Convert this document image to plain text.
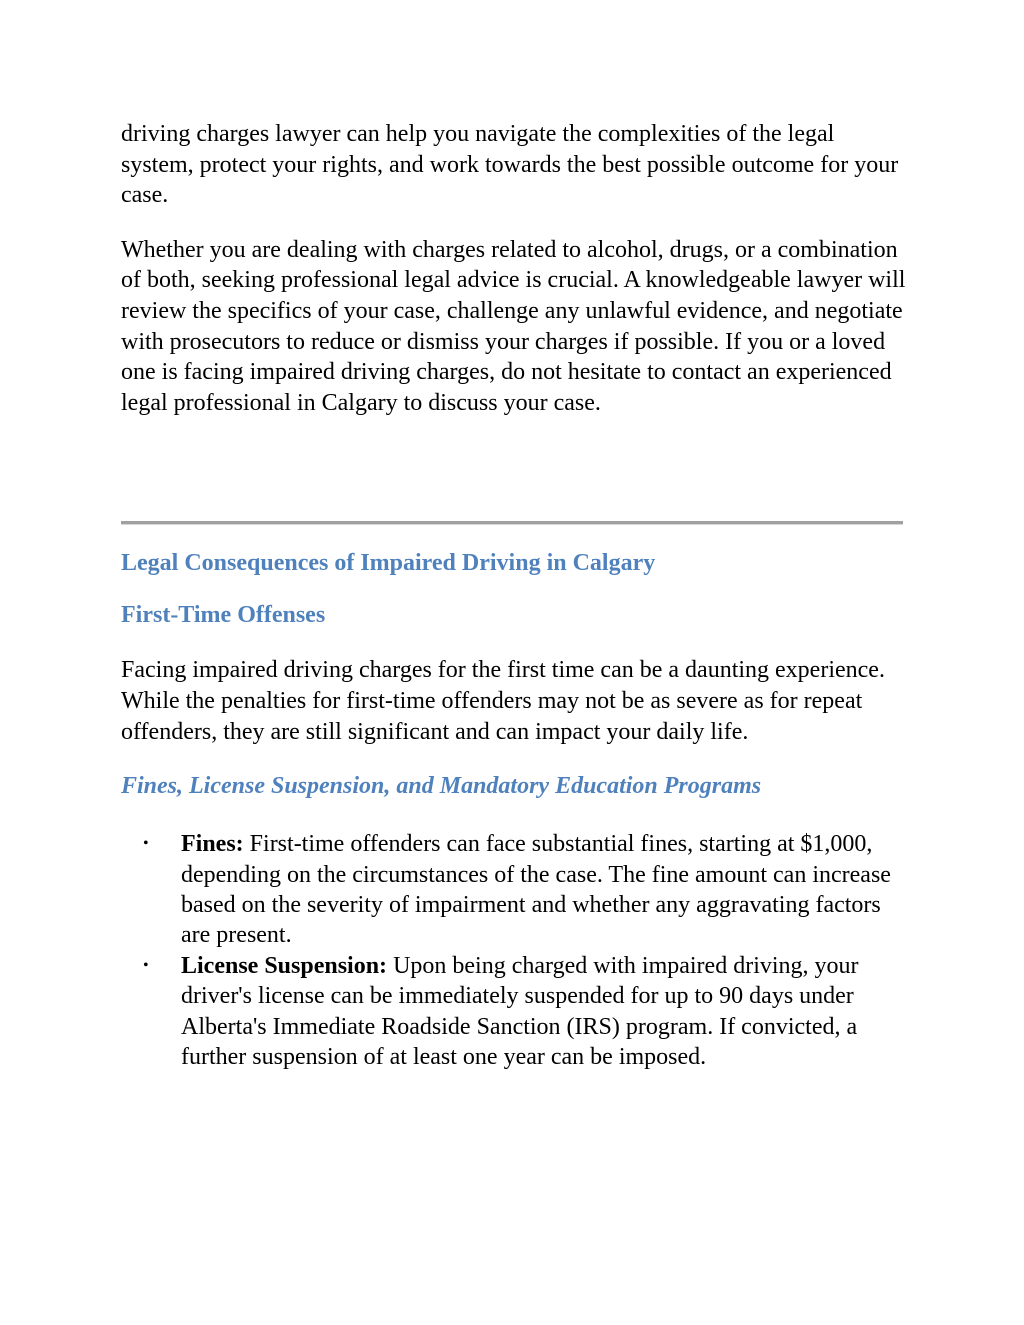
driving charges lawyer can help you navigate the complexities of the legal system, protect your rights, and work towards the best possible outcome for your case.

Whether you are dealing with charges related to alcohol, drugs, or a combination of both, seeking professional legal advice is crucial. A knowledgeable lawyer will review the specifics of your case, challenge any unlawful evidence, and negotiate with prosecutors to reduce or dismiss your charges if possible. If you or a loved one is facing impaired driving charges, do not hesitate to contact an experienced legal professional in Calgary to discuss your case.

Legal Consequences of Impaired Driving in Calgary
First-Time Offenses

Facing impaired driving charges for the first time can be a daunting experience. While the penalties for first-time offenders may not be as severe as for repeat offenders, they are still significant and can impact your daily life.

Fines, License Suspension, and Mandatory Education Programs
• Fines: First-time offenders can face substantial fines, starting at $1,000, depending on the circumstances of the case. The fine amount can increase based on the severity of impairment and whether any aggravating factors are present.
• License Suspension: Upon being charged with impaired driving, your driver's license can be immediately suspended for up to 90 days under Alberta's Immediate Roadside Sanction (IRS) program. If convicted, a further suspension of at least one year can be imposed.
